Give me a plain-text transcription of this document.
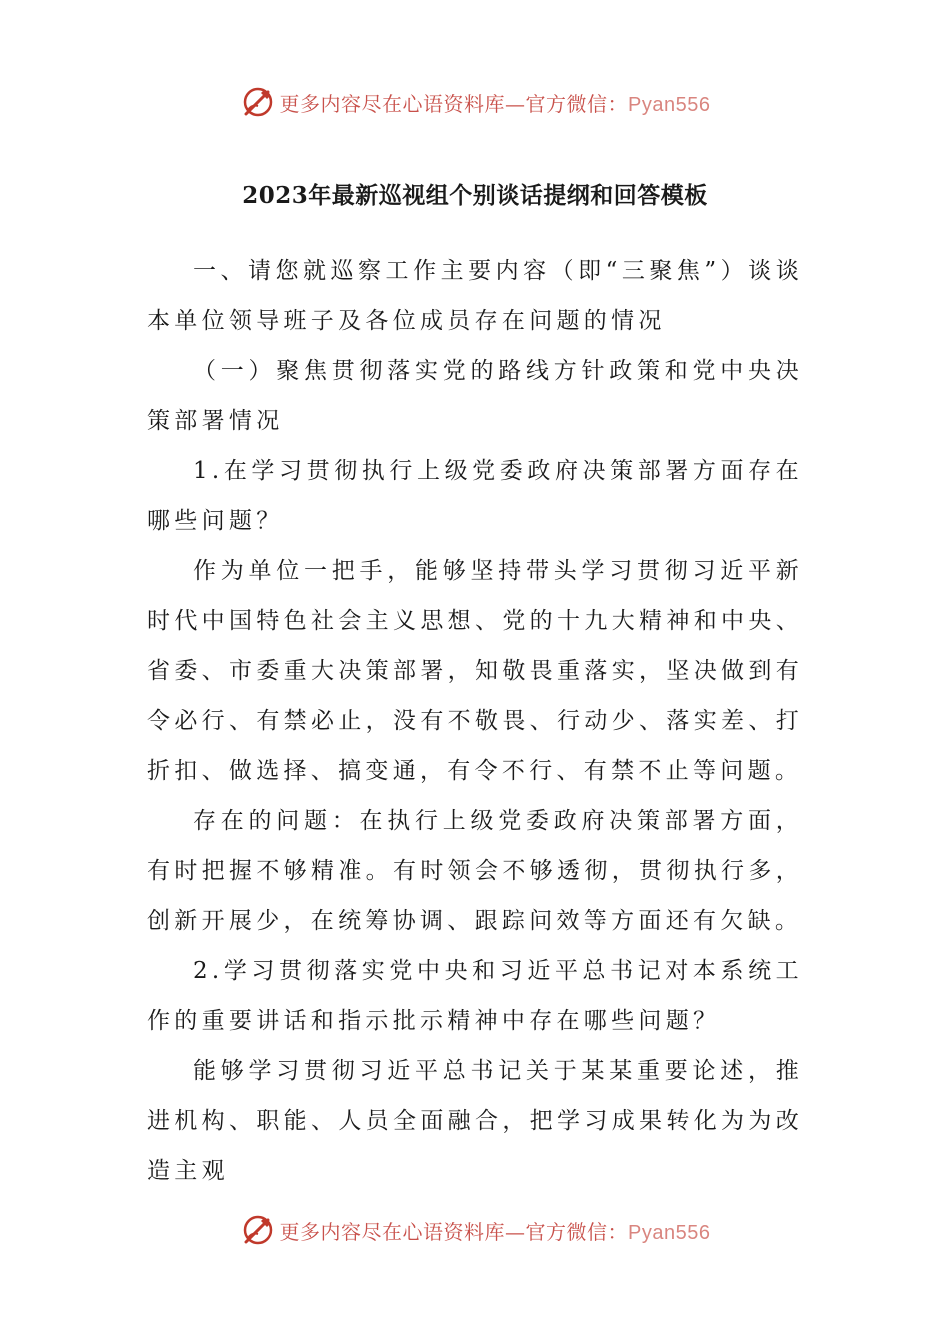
更多内容尽在心语资料库—官方微信：Pyan556
2023年最新巡视组个别谈话提纲和回答模板

一、请您就巡察工作主要内容（即“三聚焦”）谈谈本单位领导班子及各位成员存在问题的情况

（一）聚焦贯彻落实党的路线方针政策和党中央决策部署情况

1.在学习贯彻执行上级党委政府决策部署方面存在哪些问题？

作为单位一把手，能够坚持带头学习贯彻习近平新时代中国特色社会主义思想、党的十九大精神和中央、省委、市委重大决策部署，知敬畏重落实，坚决做到有令必行、有禁必止，没有不敬畏、行动少、落实差、打折扣、做选择、搞变通，有令不行、有禁不止等问题。

存在的问题：在执行上级党委政府决策部署方面，有时把握不够精准。有时领会不够透彻，贯彻执行多，创新开展少，在统筹协调、跟踪问效等方面还有欠缺。

2.学习贯彻落实党中央和习近平总书记对本系统工作的重要讲话和指示批示精神中存在哪些问题？

能够学习贯彻习近平总书记关于某某重要论述，推进机构、职能、人员全面融合，把学习成果转化为为改造主观

更多内容尽在心语资料库—官方微信：Pyan556
